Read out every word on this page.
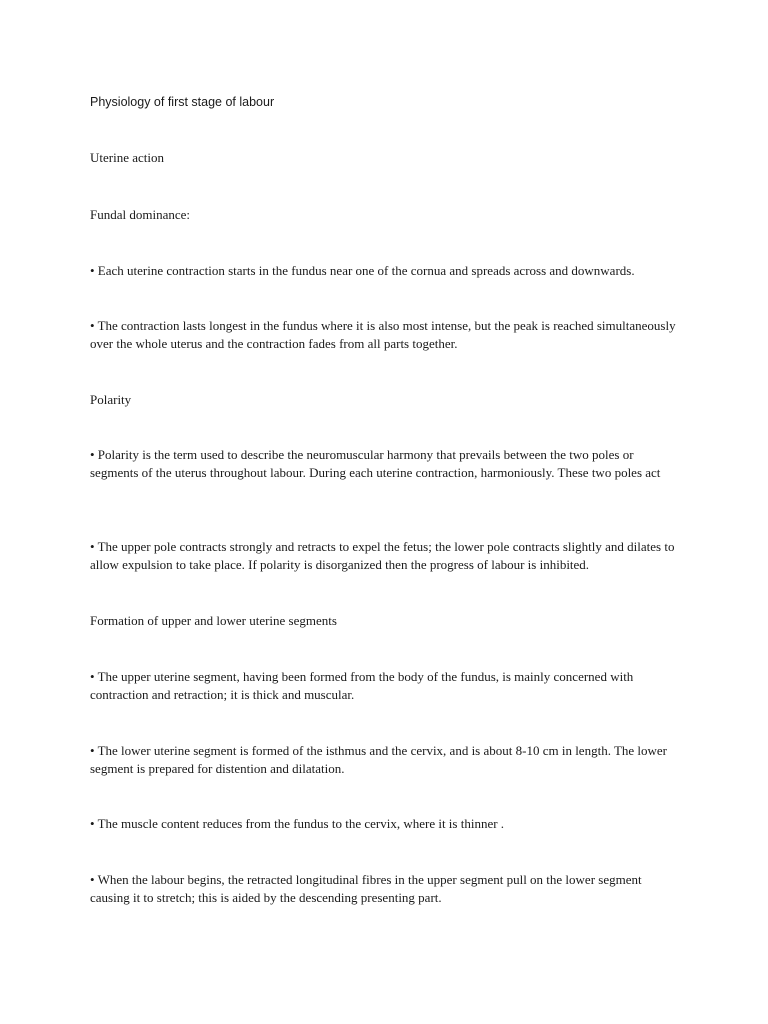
Physiology of first stage of labour

Uterine action

Fundal dominance:

• Each uterine contraction starts in the fundus near one of the cornua and spreads across and downwards.

• The contraction lasts longest in the fundus where it is also most intense, but the peak is reached simultaneously over the whole uterus and the contraction fades from all parts together.

Polarity

• Polarity is the term used to describe the neuromuscular harmony that prevails between the two poles or segments of the uterus throughout labour. During each uterine contraction, harmoniously. These two poles act

• The upper pole contracts strongly and retracts to expel the fetus; the lower pole contracts slightly and dilates to allow expulsion to take place. If polarity is disorganized then the progress of labour is inhibited.

Formation of upper and lower uterine segments

• The upper uterine segment, having been formed from the body of the fundus, is mainly concerned with contraction and retraction; it is thick and muscular.

• The lower uterine segment is formed of the isthmus and the cervix, and is about 8-10 cm in length. The lower segment is prepared for distention and dilatation.

• The muscle content reduces from the fundus to the cervix, where it is thinner .

• When the labour begins, the retracted longitudinal fibres in the upper segment pull on the lower segment causing it to stretch; this is aided by the descending presenting part.
